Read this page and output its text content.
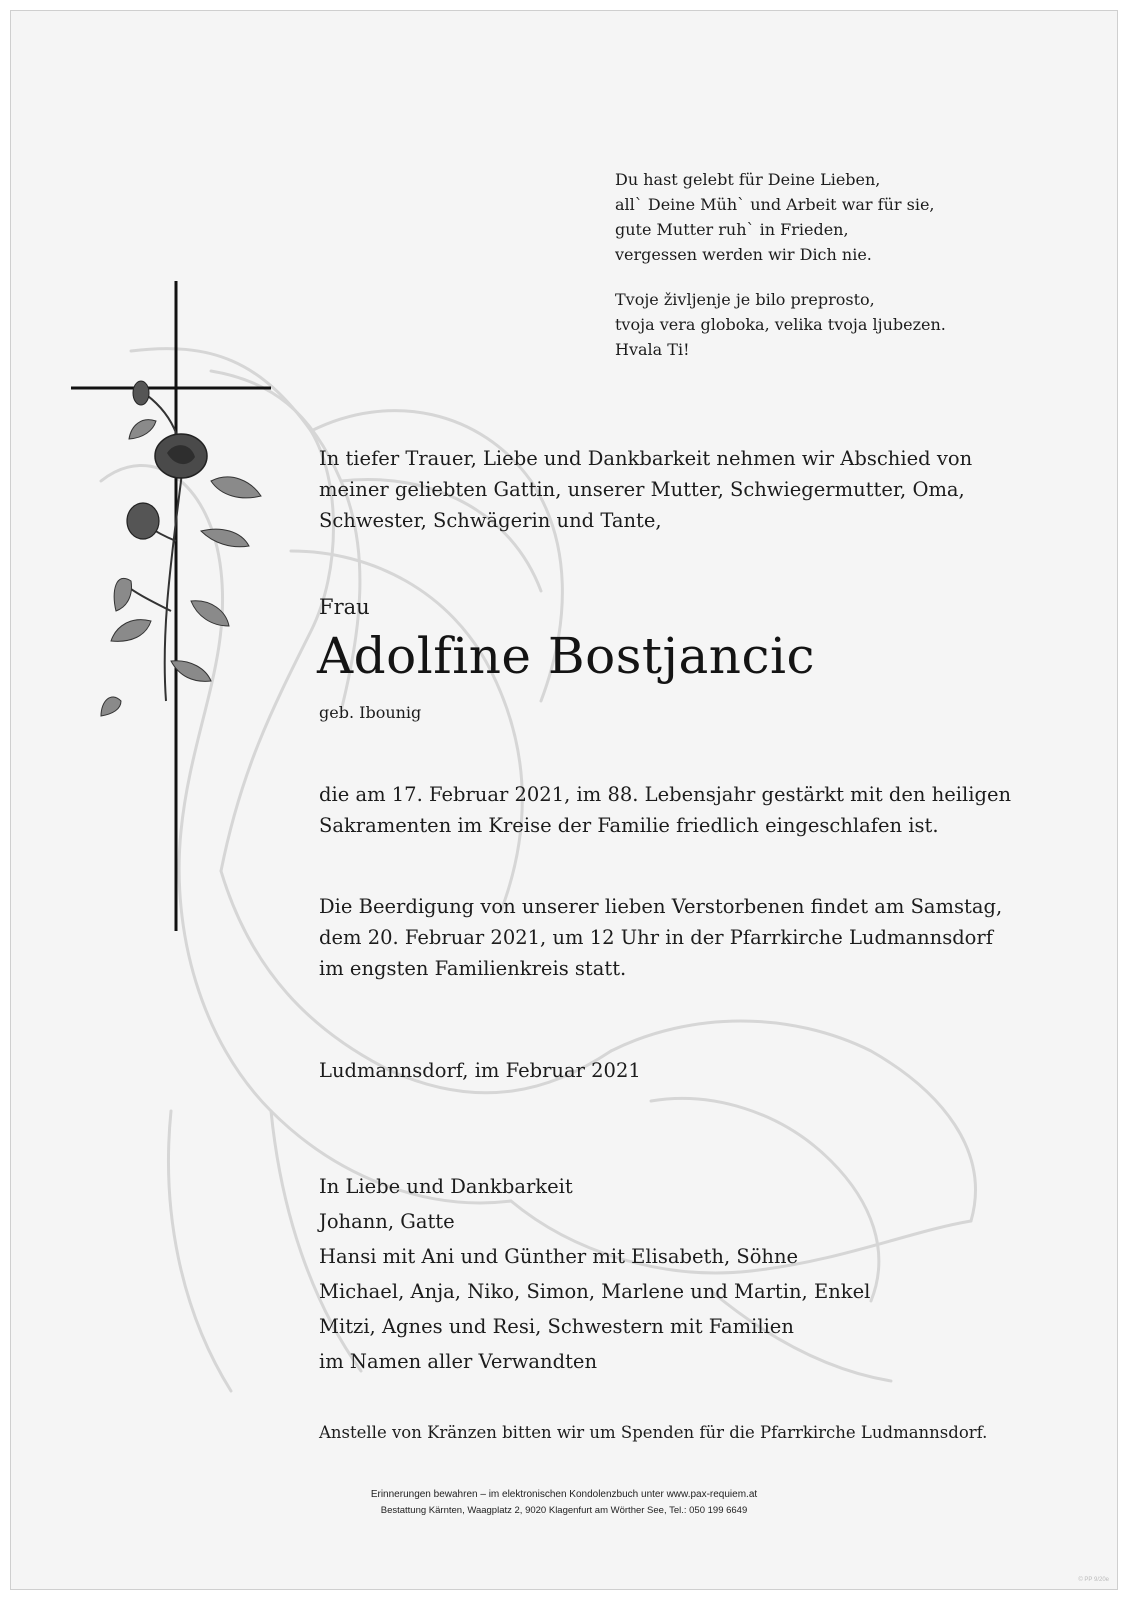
Du hast gelebt für Deine Lieben,
all` Deine Müh` und Arbeit war für sie,
gute Mutter ruh` in Frieden,
vergessen werden wir Dich nie.
Tvoje življenje je bilo preprosto,
tvoja vera globoka, velika tvoja ljubezen.
Hvala Ti!
In tiefer Trauer, Liebe und Dankbarkeit nehmen wir Abschied von
meiner geliebten Gattin, unserer Mutter, Schwiegermutter, Oma,
Schwester, Schwägerin und Tante,
Frau
Adolfine Bostjancic
geb. Ibounig
die am 17. Februar 2021, im 88. Lebensjahr gestärkt mit den heiligen
Sakramenten im Kreise der Familie friedlich eingeschlafen ist.
Die Beerdigung von unserer lieben Verstorbenen findet am Samstag,
dem 20. Februar 2021, um 12 Uhr in der Pfarrkirche Ludmannsdorf
im engsten Familienkreis statt.
Ludmannsdorf, im Februar 2021
In Liebe und Dankbarkeit
Johann, Gatte
Hansi mit Ani und Günther mit Elisabeth, Söhne
Michael, Anja, Niko, Simon, Marlene und Martin, Enkel
Mitzi, Agnes und Resi, Schwestern mit Familien
im Namen aller Verwandten
Anstelle von Kränzen bitten wir um Spenden für die Pfarrkirche Ludmannsdorf.

Erinnerungen bewahren – im elektronischen Kondolenzbuch unter www.pax-requiem.at

Bestattung Kärnten, Waagplatz 2, 9020 Klagenfurt am Wörther See, Tel.: 050 199 6649

© PP 9/20e
